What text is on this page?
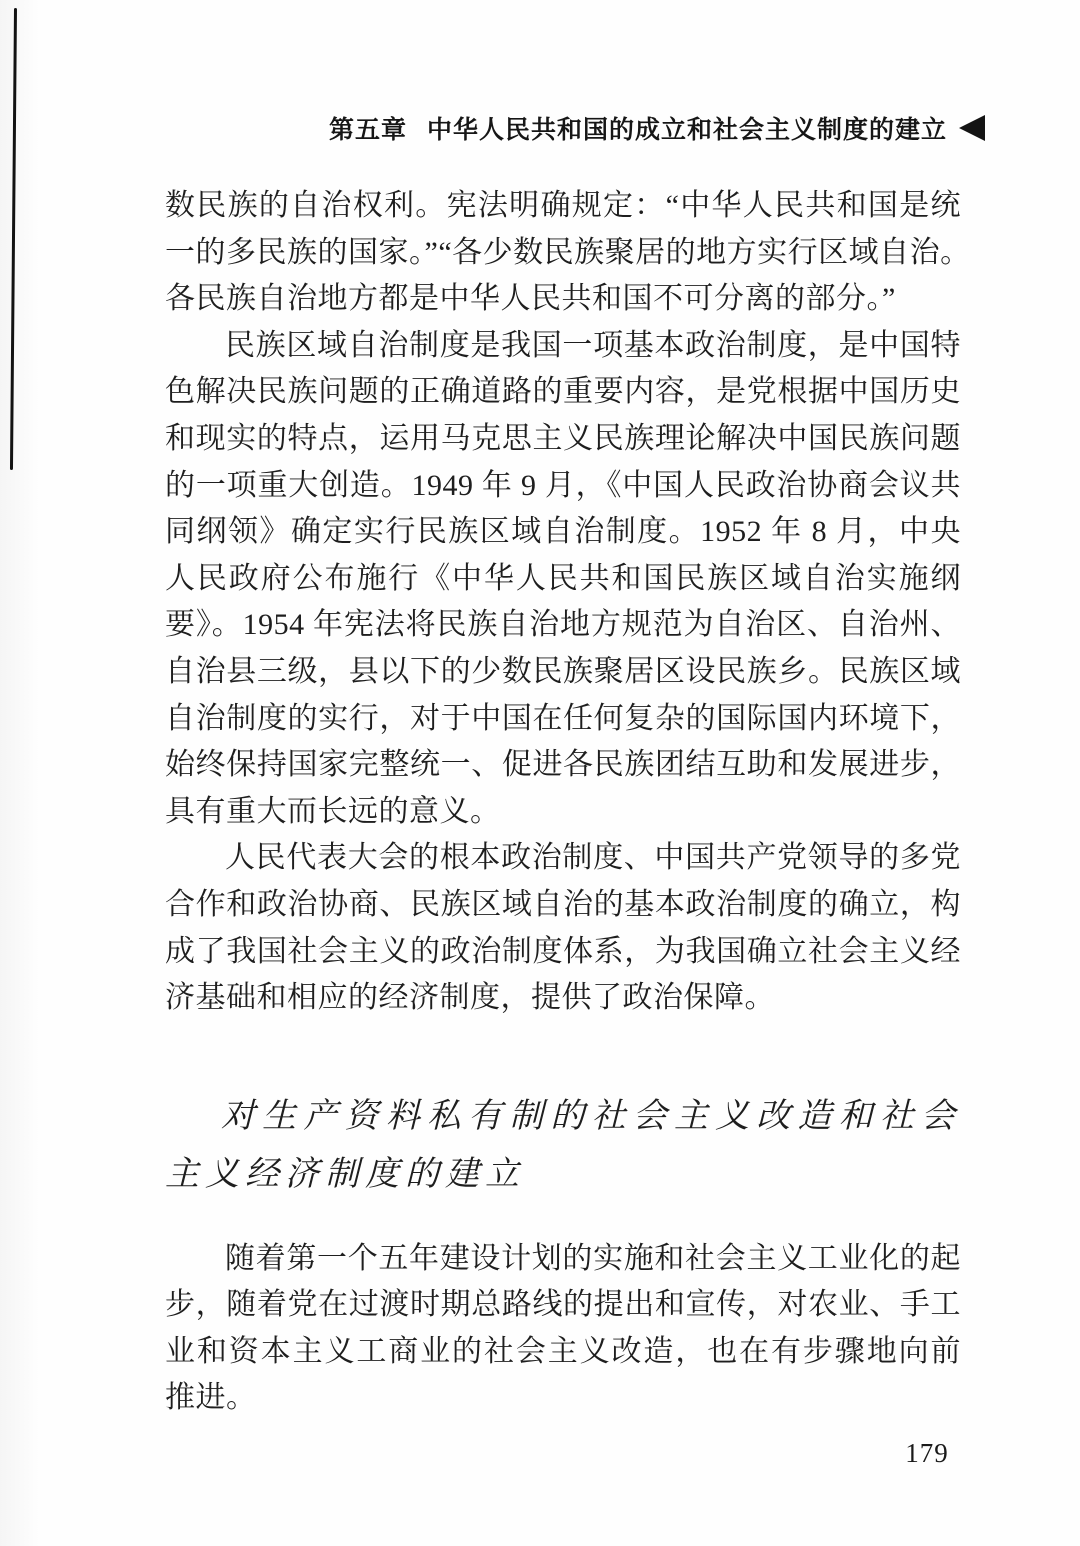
第五章 中华人民共和国的成立和社会主义制度的建立
数民族的自治权利。宪法明确规定：“中华人民共和国是统
一的多民族的国家。”“各少数民族聚居的地方实行区域自治。
各民族自治地方都是中华人民共和国不可分离的部分。”
民族区域自治制度是我国一项基本政治制度，是中国特
色解决民族问题的正确道路的重要内容，是党根据中国历史
和现实的特点，运用马克思主义民族理论解决中国民族问题
的一项重大创造。1949 年 9 月，《中国人民政治协商会议共
同纲领》确定实行民族区域自治制度。1952 年 8 月，中央
人民政府公布施行《中华人民共和国民族区域自治实施纲
要》。1954 年宪法将民族自治地方规范为自治区、自治州、
自治县三级，县以下的少数民族聚居区设民族乡。民族区域
自治制度的实行，对于中国在任何复杂的国际国内环境下，
始终保持国家完整统一、促进各民族团结互助和发展进步，
具有重大而长远的意义。
人民代表大会的根本政治制度、中国共产党领导的多党
合作和政治协商、民族区域自治的基本政治制度的确立，构
成了我国社会主义的政治制度体系，为我国确立社会主义经
济基础和相应的经济制度，提供了政治保障。
对生产资料私有制的社会主义改造和社会
主义经济制度的建立
随着第一个五年建设计划的实施和社会主义工业化的起
步，随着党在过渡时期总路线的提出和宣传，对农业、手工
业和资本主义工商业的社会主义改造，也在有步骤地向前
推进。
179
